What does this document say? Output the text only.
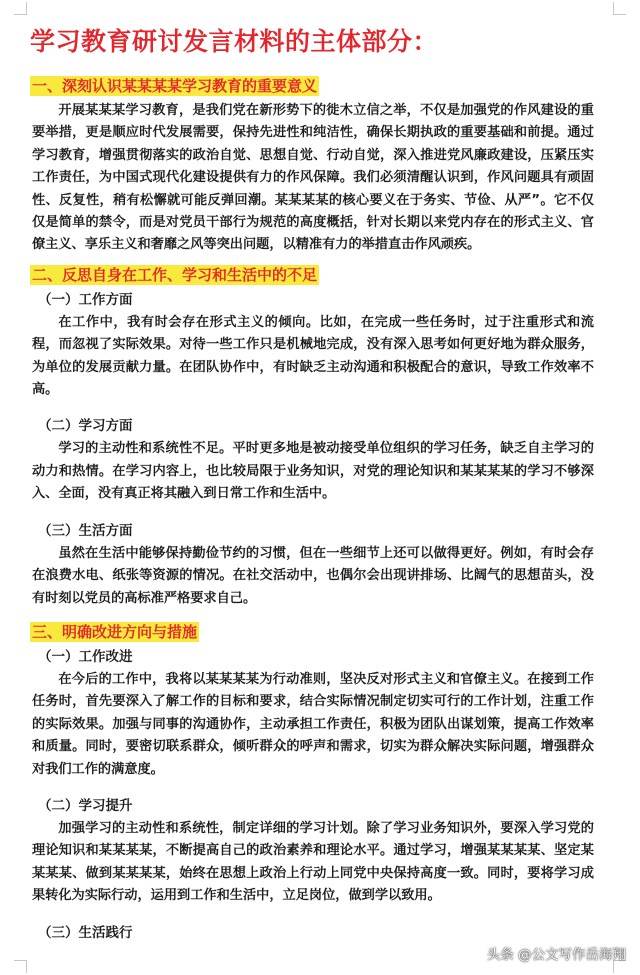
学习教育研讨发言材料的主体部分：
一、深刻认识某某某某学习教育的重要意义

开展某某某学习教育，是我们党在新形势下的徙木立信之举，不仅是加强党的作风建设的重要举措，更是顺应时代发展需要，保持先进性和纯洁性，确保长期执政的重要基础和前提。通过学习教育，增强贯彻落实的政治自觉、思想自觉、行动自觉，深入推进党风廉政建设，压紧压实工作责任，为中国式现代化建设提供有力的作风保障。我们必须清醒认识到，作风问题具有顽固性、反复性，稍有松懈就可能反弹回潮。某某某某的核心要义在于务实、节俭、从严”。它不仅仅是简单的禁令，而是对党员干部行为规范的高度概括，针对长期以来党内存在的形式主义、官僚主义、享乐主义和奢靡之风等突出问题，以精准有力的举措直击作风顽疾。

二、反思自身在工作、学习和生活中的不足
（一）工作方面

在工作中，我有时会存在形式主义的倾向。比如，在完成一些任务时，过于注重形式和流程，而忽视了实际效果。对待一些工作只是机械地完成，没有深入思考如何更好地为群众服务，为单位的发展贡献力量。在团队协作中，有时缺乏主动沟通和积极配合的意识，导致工作效率不高。

（二）学习方面

学习的主动性和系统性不足。平时更多地是被动接受单位组织的学习任务，缺乏自主学习的动力和热情。在学习内容上，也比较局限于业务知识，对党的理论知识和某某某某的学习不够深入、全面，没有真正将其融入到日常工作和生活中。

（三）生活方面

虽然在生活中能够保持勤俭节约的习惯，但在一些细节上还可以做得更好。例如，有时会存在浪费水电、纸张等资源的情况。在社交活动中，也偶尔会出现讲排场、比阔气的思想苗头，没有时刻以党员的高标准严格要求自己。

三、明确改进方向与措施
（一）工作改进

在今后的工作中，我将以某某某某为行动准则，坚决反对形式主义和官僚主义。在接到工作任务时，首先要深入了解工作的目标和要求，结合实际情况制定切实可行的工作计划，注重工作的实际效果。加强与同事的沟通协作，主动承担工作责任，积极为团队出谋划策，提高工作效率和质量。同时，要密切联系群众，倾听群众的呼声和需求，切实为群众解决实际问题，增强群众对我们工作的满意度。

（二）学习提升

加强学习的主动性和系统性，制定详细的学习计划。除了学习业务知识外，要深入学习党的理论知识和某某某某，不断提高自己的政治素养和理论水平。通过学习，增强某某某某、坚定某某某某、做到某某某某，始终在思想上政治上行动上同党中央保持高度一致。同时，要将学习成果转化为实际行动，运用到工作和生活中，立足岗位，做到学以致用。

（三）生活践行
头条 @公文写作岳海翔
